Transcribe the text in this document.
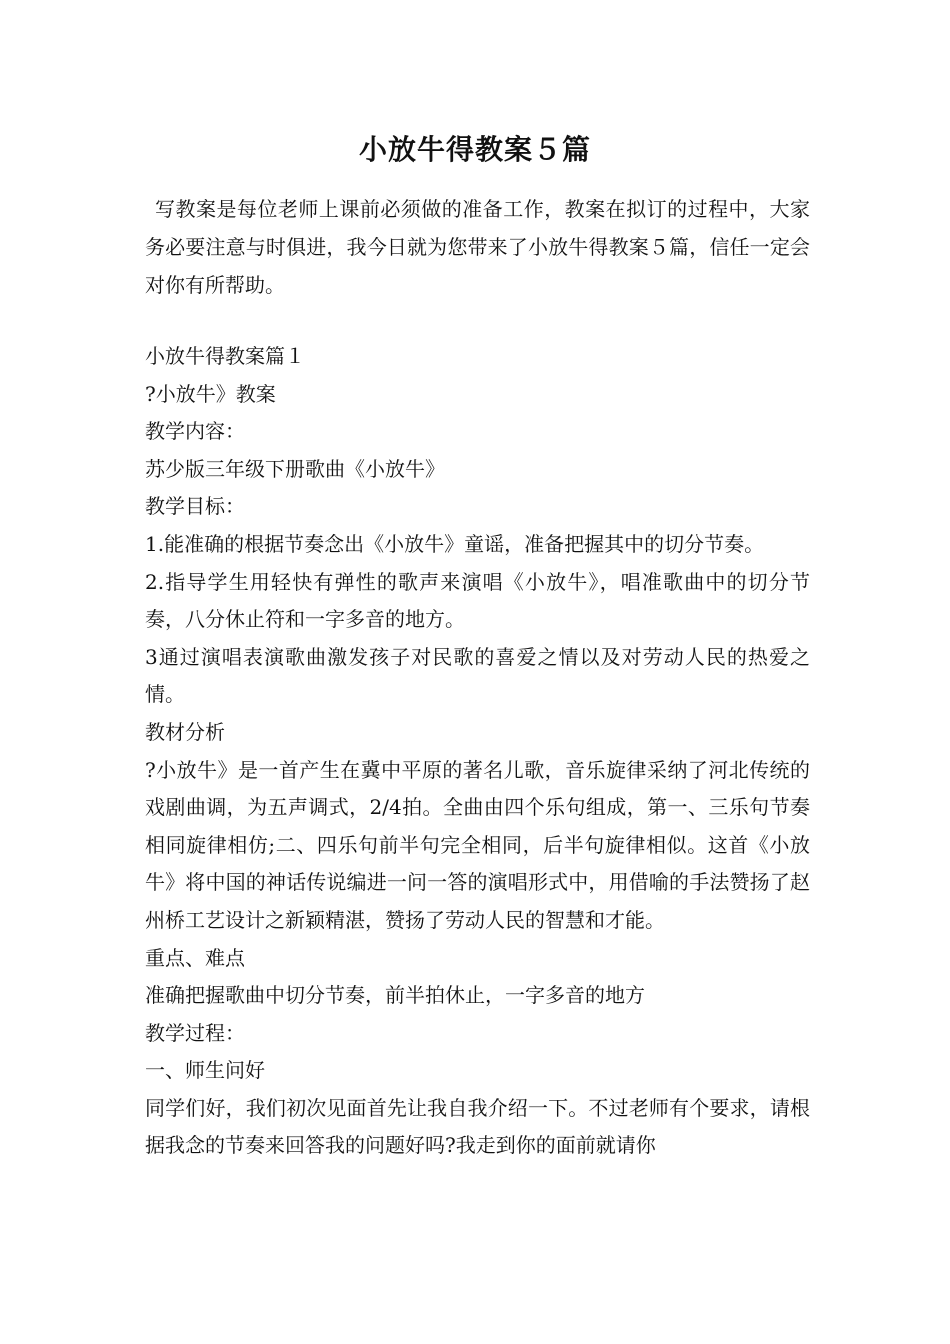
小放牛得教案５篇

写教案是每位老师上课前必须做的准备工作，教案在拟订的过程中，大家务必要注意与时俱进，我今日就为您带来了小放牛得教案５篇，信任一定会对你有所帮助。

小放牛得教案篇１

?小放牛》教案

教学内容：

苏少版三年级下册歌曲《小放牛》

教学目标：

1.能准确的根据节奏念出《小放牛》童谣，准备把握其中的切分节奏。

2.指导学生用轻快有弹性的歌声来演唱《小放牛》，唱准歌曲中的切分节奏，八分休止符和一字多音的地方。

3通过演唱表演歌曲激发孩子对民歌的喜爱之情以及对劳动人民的热爱之情。

教材分析

?小放牛》是一首产生在冀中平原的著名儿歌，音乐旋律采纳了河北传统的戏剧曲调，为五声调式，2/4拍。全曲由四个乐句组成，第一、三乐句节奏相同旋律相仿;二、四乐句前半句完全相同，后半句旋律相似。这首《小放牛》将中国的神话传说编进一问一答的演唱形式中，用借喻的手法赞扬了赵州桥工艺设计之新颖精湛，赞扬了劳动人民的智慧和才能。

重点、难点

准确把握歌曲中切分节奏，前半拍休止，一字多音的地方

教学过程：

一、师生问好

同学们好，我们初次见面首先让我自我介绍一下。不过老师有个要求，请根据我念的节奏来回答我的问题好吗?我走到你的面前就请你
